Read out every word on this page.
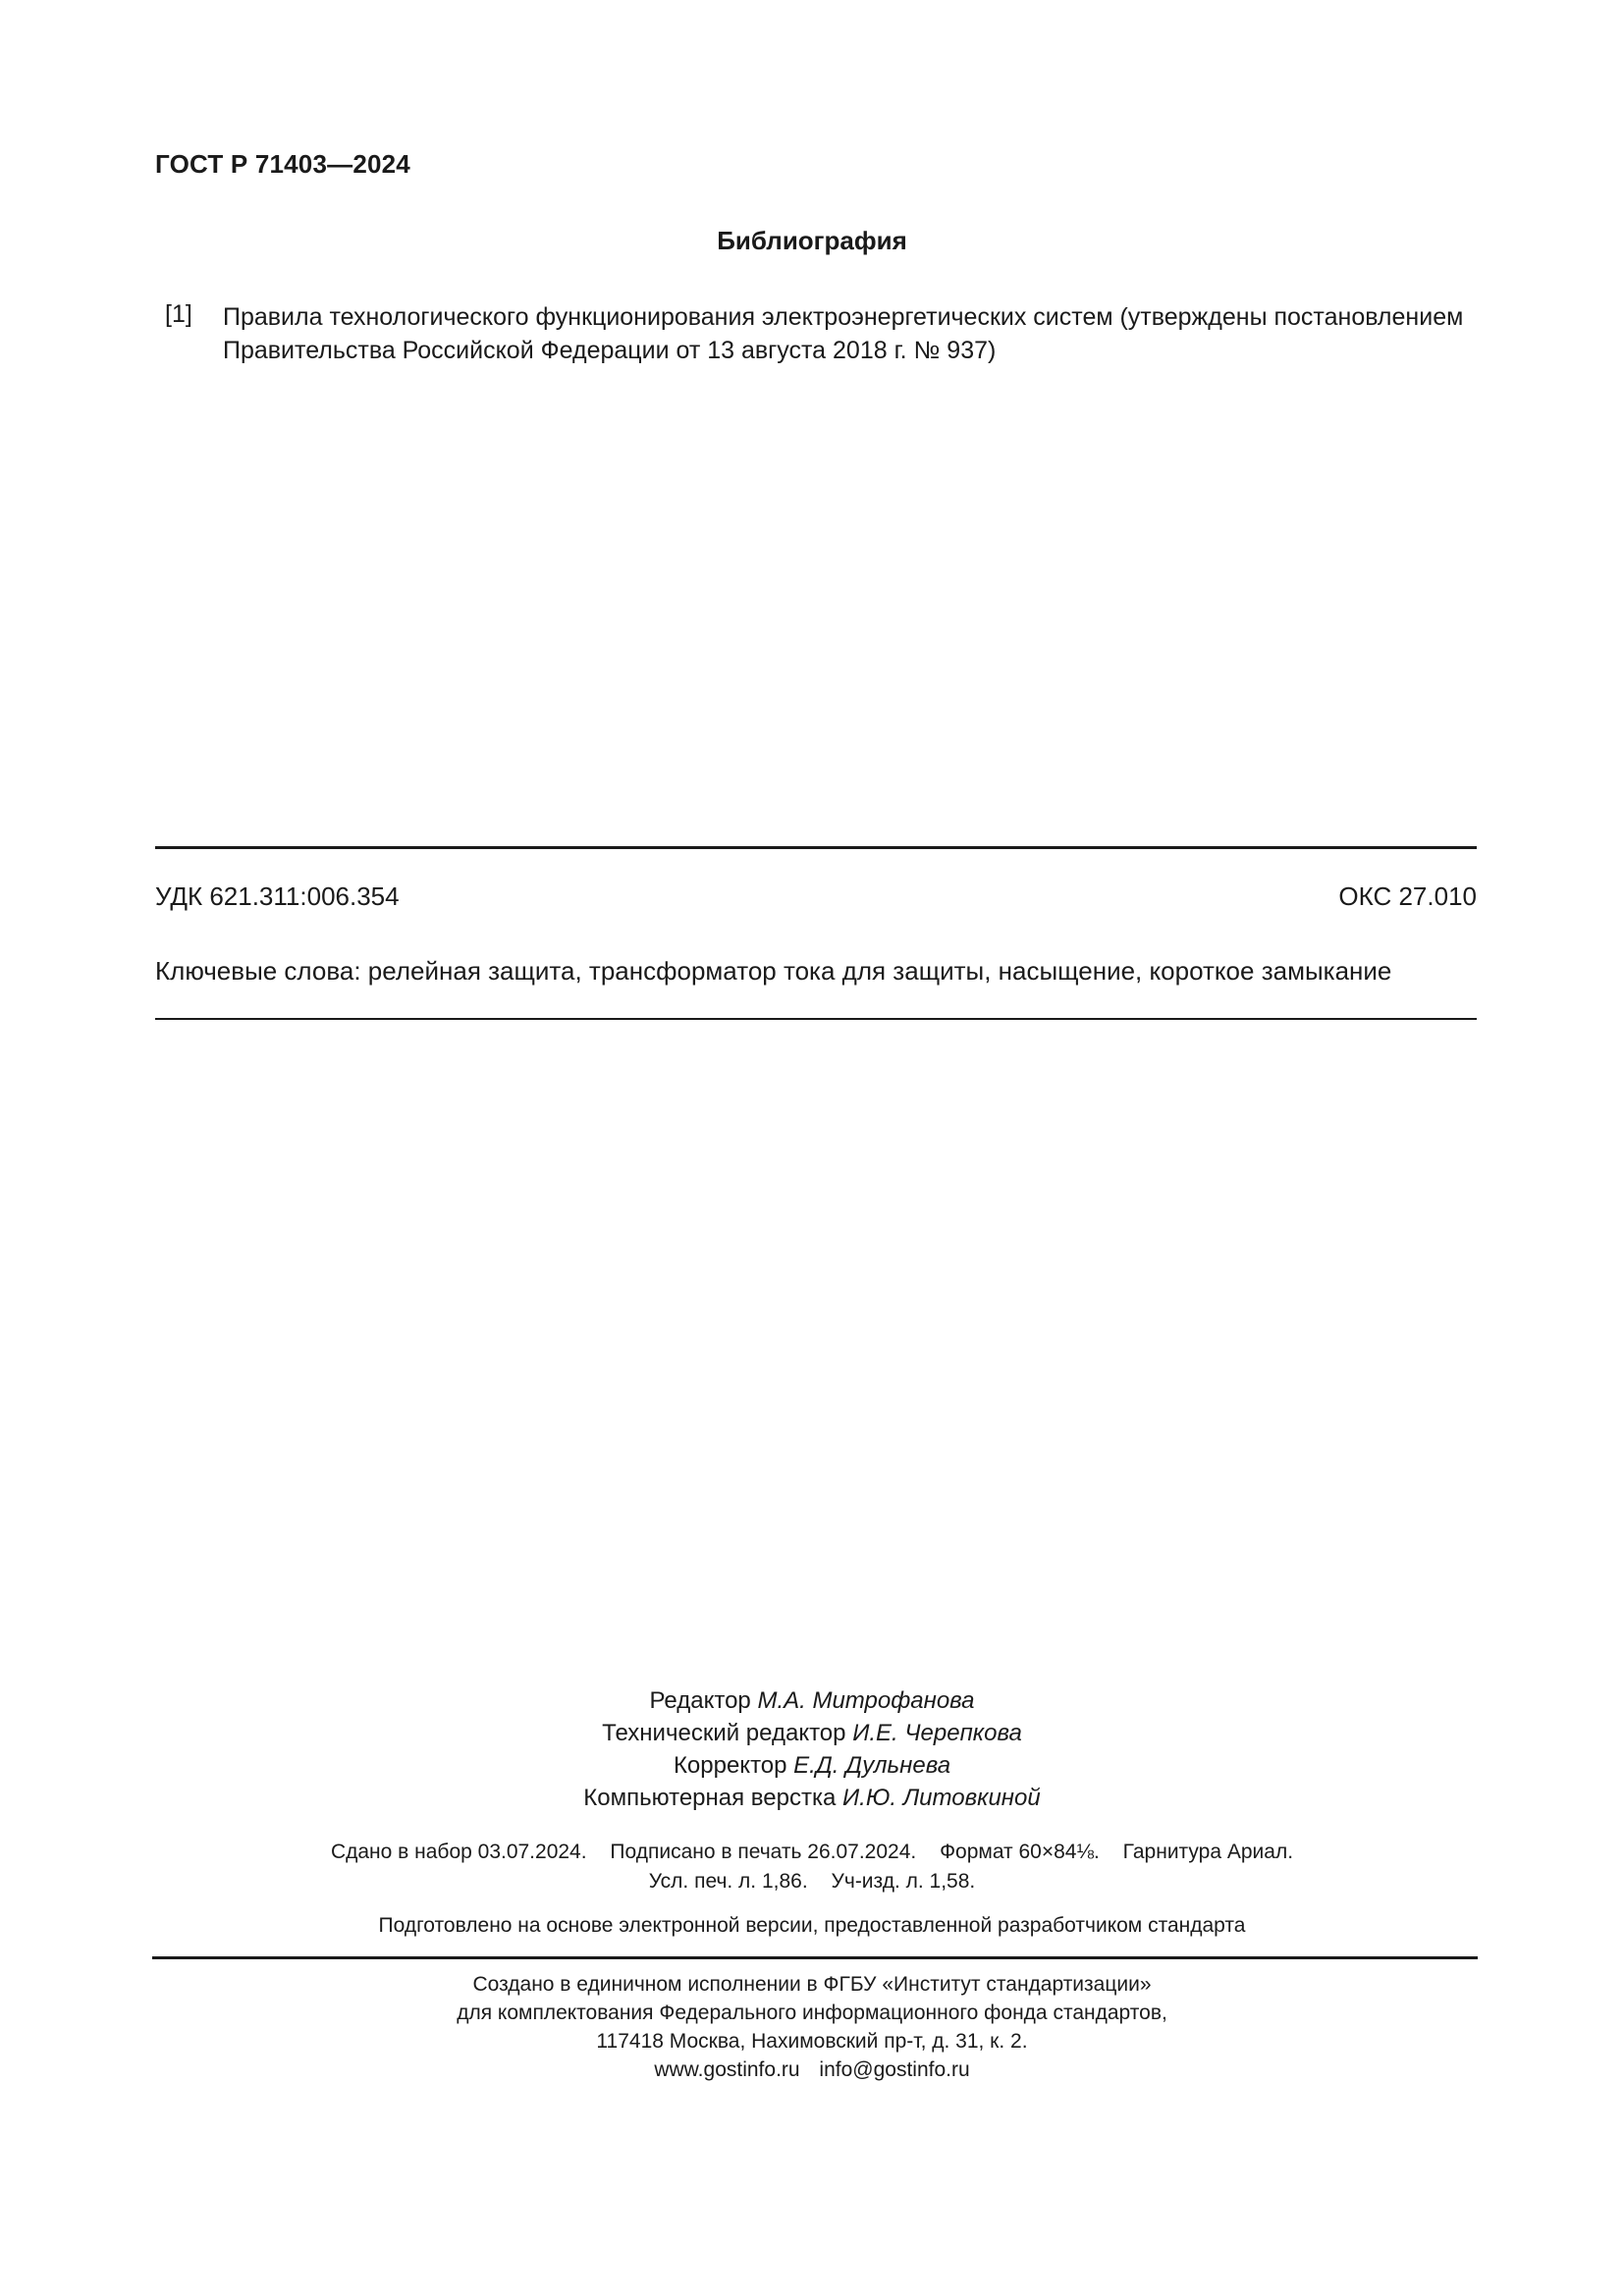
ГОСТ Р 71403—2024
Библиография
[1] Правила технологического функционирования электроэнергетических систем (утверждены постановлением
Правительства Российской Федерации от 13 августа 2018 г. № 937)
УДК 621.311:006.354	ОКС 27.010
Ключевые слова: релейная защита, трансформатор тока для защиты, насыщение, короткое замыкание
Редактор М.А. Митрофанова
Технический редактор И.Е. Черепкова
Корректор Е.Д. Дульнева
Компьютерная верстка И.Ю. Литовкиной
Сдано в набор 03.07.2024. Подписано в печать 26.07.2024. Формат 60×84⅛. Гарнитура Ариал.
Усл. печ. л. 1,86. Уч-изд. л. 1,58.
Подготовлено на основе электронной версии, предоставленной разработчиком стандарта
Создано в единичном исполнении в ФГБУ «Институт стандартизации»
для комплектования Федерального информационного фонда стандартов,
117418 Москва, Нахимовский пр-т, д. 31, к. 2.
www.gostinfo.ru info@gostinfo.ru
